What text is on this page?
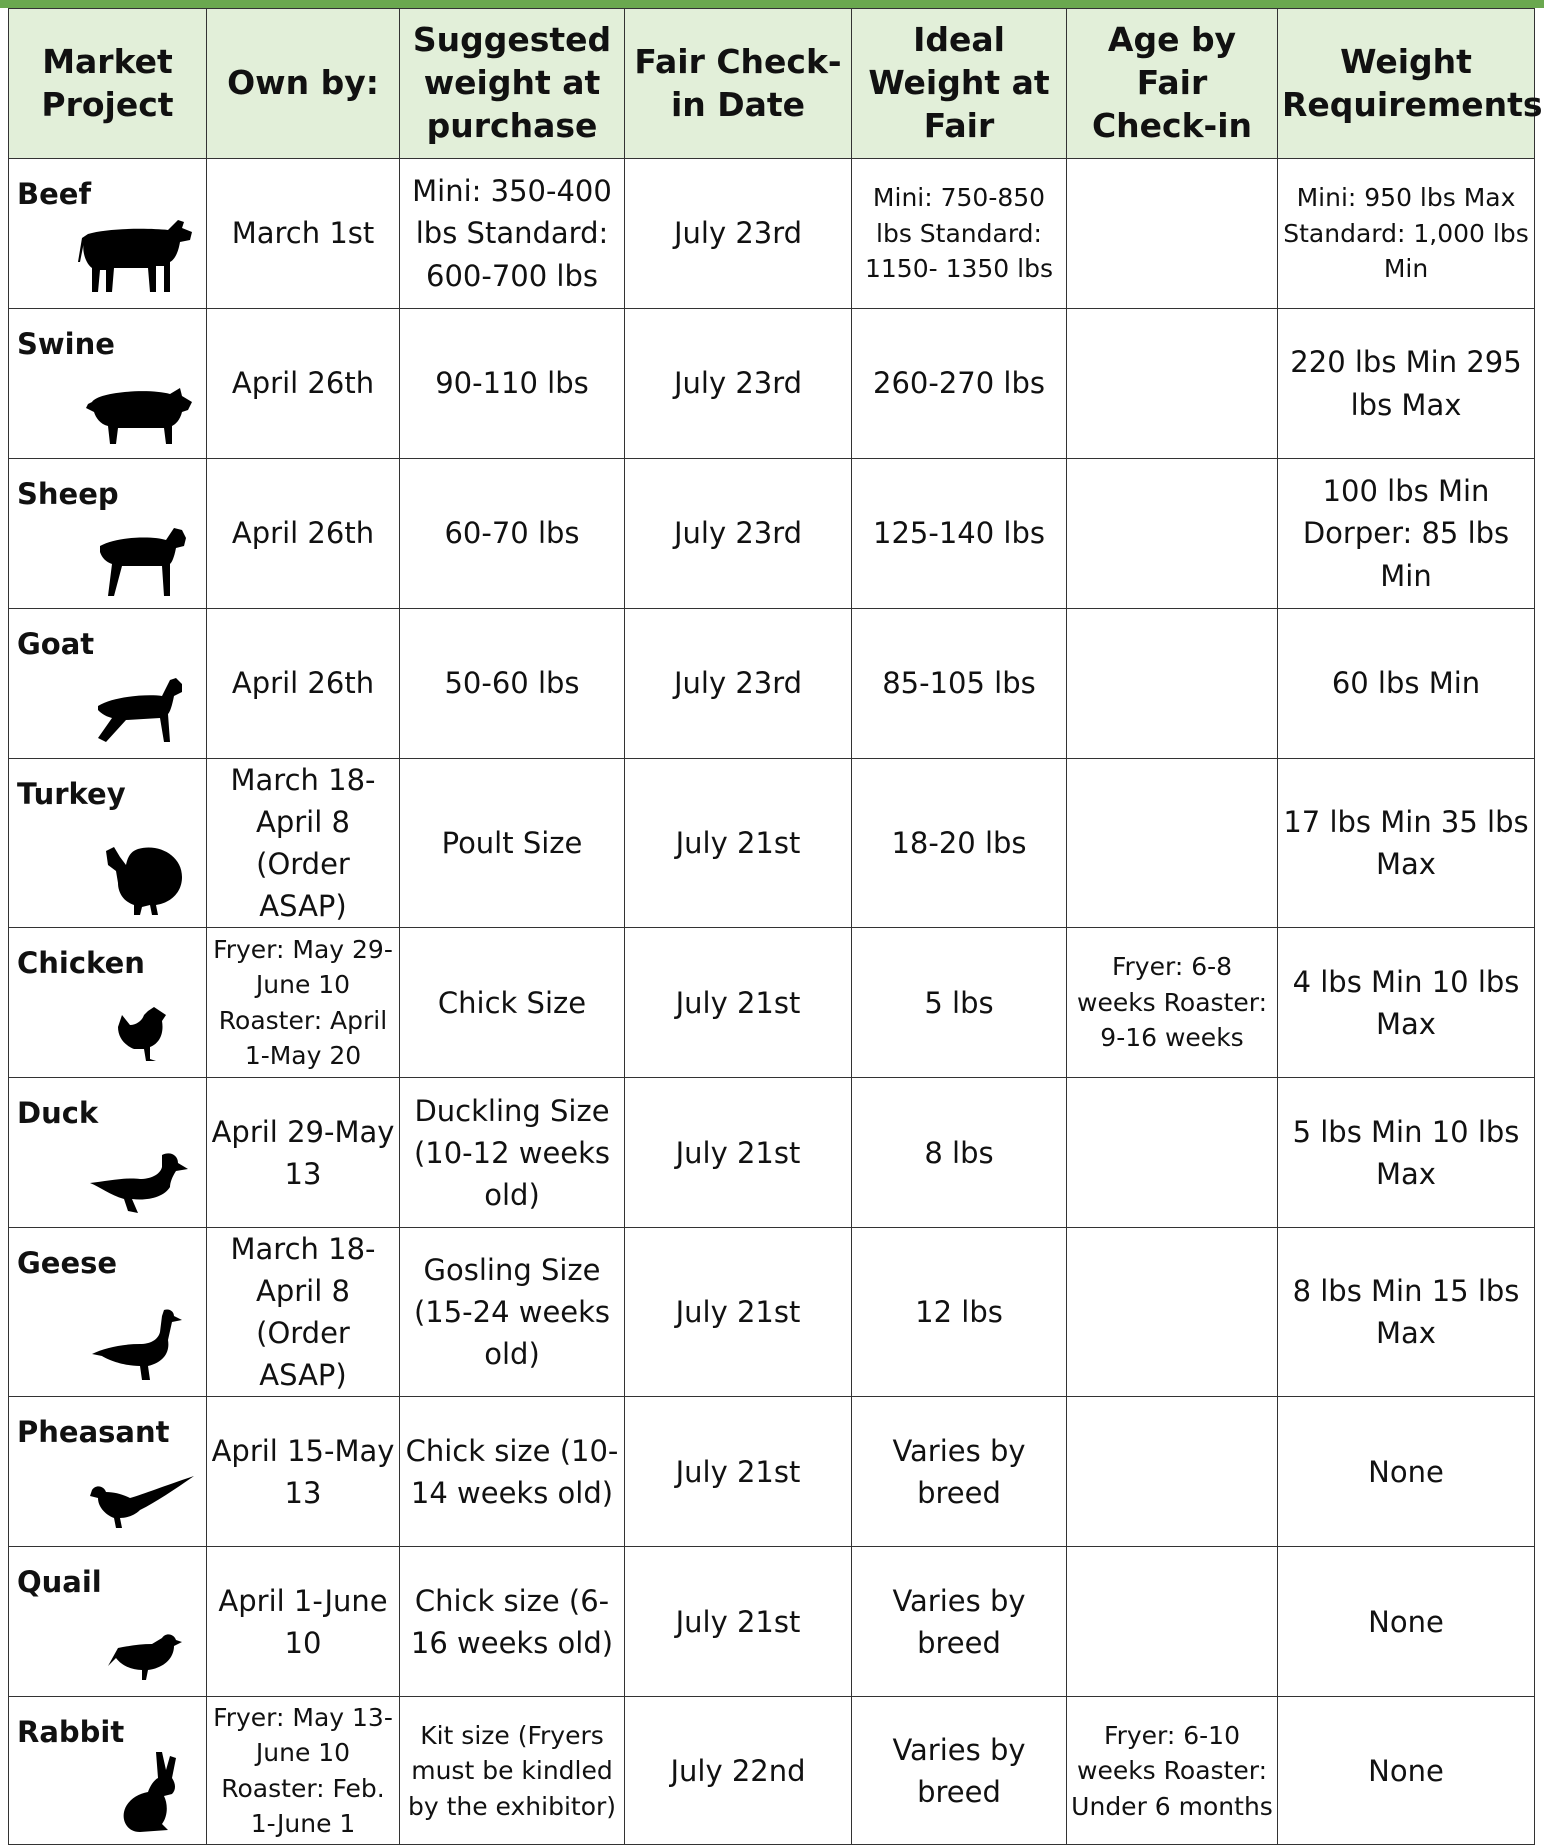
Market Project	Own by:	Suggested weight at purchase	Fair Check-in Date	Ideal Weight at Fair	Age by Fair Check-in	Weight Requirements

Beef	March 1st	Mini: 350-400 lbs Standard: 600-700 lbs	July 23rd	Mini: 750-850 lbs Standard: 1150- 1350 lbs		Mini: 950 lbs Max Standard: 1,000 lbs Min

Swine	April 26th	90-110 lbs	July 23rd	260-270 lbs		220 lbs Min 295 lbs Max

Sheep	April 26th	60-70 lbs	July 23rd	125-140 lbs		100 lbs Min Dorper: 85 lbs Min

Goat	April 26th	50-60 lbs	July 23rd	85-105 lbs		60 lbs Min

Turkey	March 18-April 8 (Order ASAP)	Poult Size	July 21st	18-20 lbs		17 lbs Min 35 lbs Max

Chicken	Fryer: May 29-June 10 Roaster: April 1-May 20	Chick Size	July 21st	5 lbs	Fryer: 6-8 weeks Roaster: 9-16 weeks	4 lbs Min 10 lbs Max

Duck	April 29-May 13	Duckling Size (10-12 weeks old)	July 21st	8 lbs		5 lbs Min 10 lbs Max

Geese	March 18-April 8 (Order ASAP)	Gosling Size (15-24 weeks old)	July 21st	12 lbs		8 lbs Min 15 lbs Max

Pheasant	April 15-May 13	Chick size (10-14 weeks old)	July 21st	Varies by breed		None

Quail	April 1-June 10	Chick size (6-16 weeks old)	July 21st	Varies by breed		None

Rabbit	Fryer: May 13-June 10 Roaster: Feb. 1-June 1	Kit size (Fryers must be kindled by the exhibitor)	July 22nd	Varies by breed	Fryer: 6-10 weeks Roaster: Under 6 months	None
